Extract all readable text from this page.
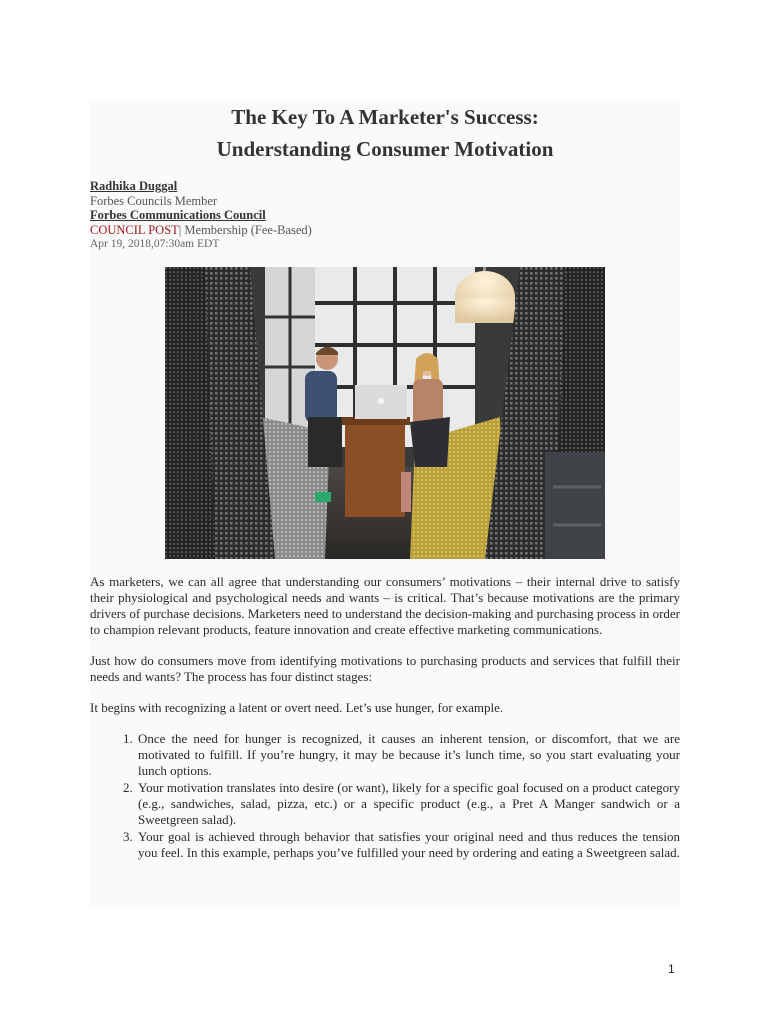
The Key To A Marketer's Success:
Understanding Consumer Motivation
Radhika Duggal
Forbes Councils Member
Forbes Communications Council
COUNCIL POST| Membership (Fee-Based)
Apr 19, 2018,07:30am EDT

As marketers, we can all agree that understanding our consumers’ motivations – their internal drive to satisfy their physiological and psychological needs and wants – is critical. That’s because motivations are the primary drivers of purchase decisions. Marketers need to understand the decision-making and purchasing process in order to champion relevant products, feature innovation and create effective marketing communications.

Just how do consumers move from identifying motivations to purchasing products and services that fulfill their needs and wants? The process has four distinct stages:

It begins with recognizing a latent or overt need. Let’s use hunger, for example.

1. Once the need for hunger is recognized, it causes an inherent tension, or discomfort, that we are motivated to fulfill. If you’re hungry, it may be because it’s lunch time, so you start evaluating your lunch options.
2. Your motivation translates into desire (or want), likely for a specific goal focused on a product category (e.g., sandwiches, salad, pizza, etc.) or a specific product (e.g., a Pret A Manger sandwich or a Sweetgreen salad).
3. Your goal is achieved through behavior that satisfies your original need and thus reduces the tension you feel. In this example, perhaps you’ve fulfilled your need by ordering and eating a Sweetgreen salad.
1
